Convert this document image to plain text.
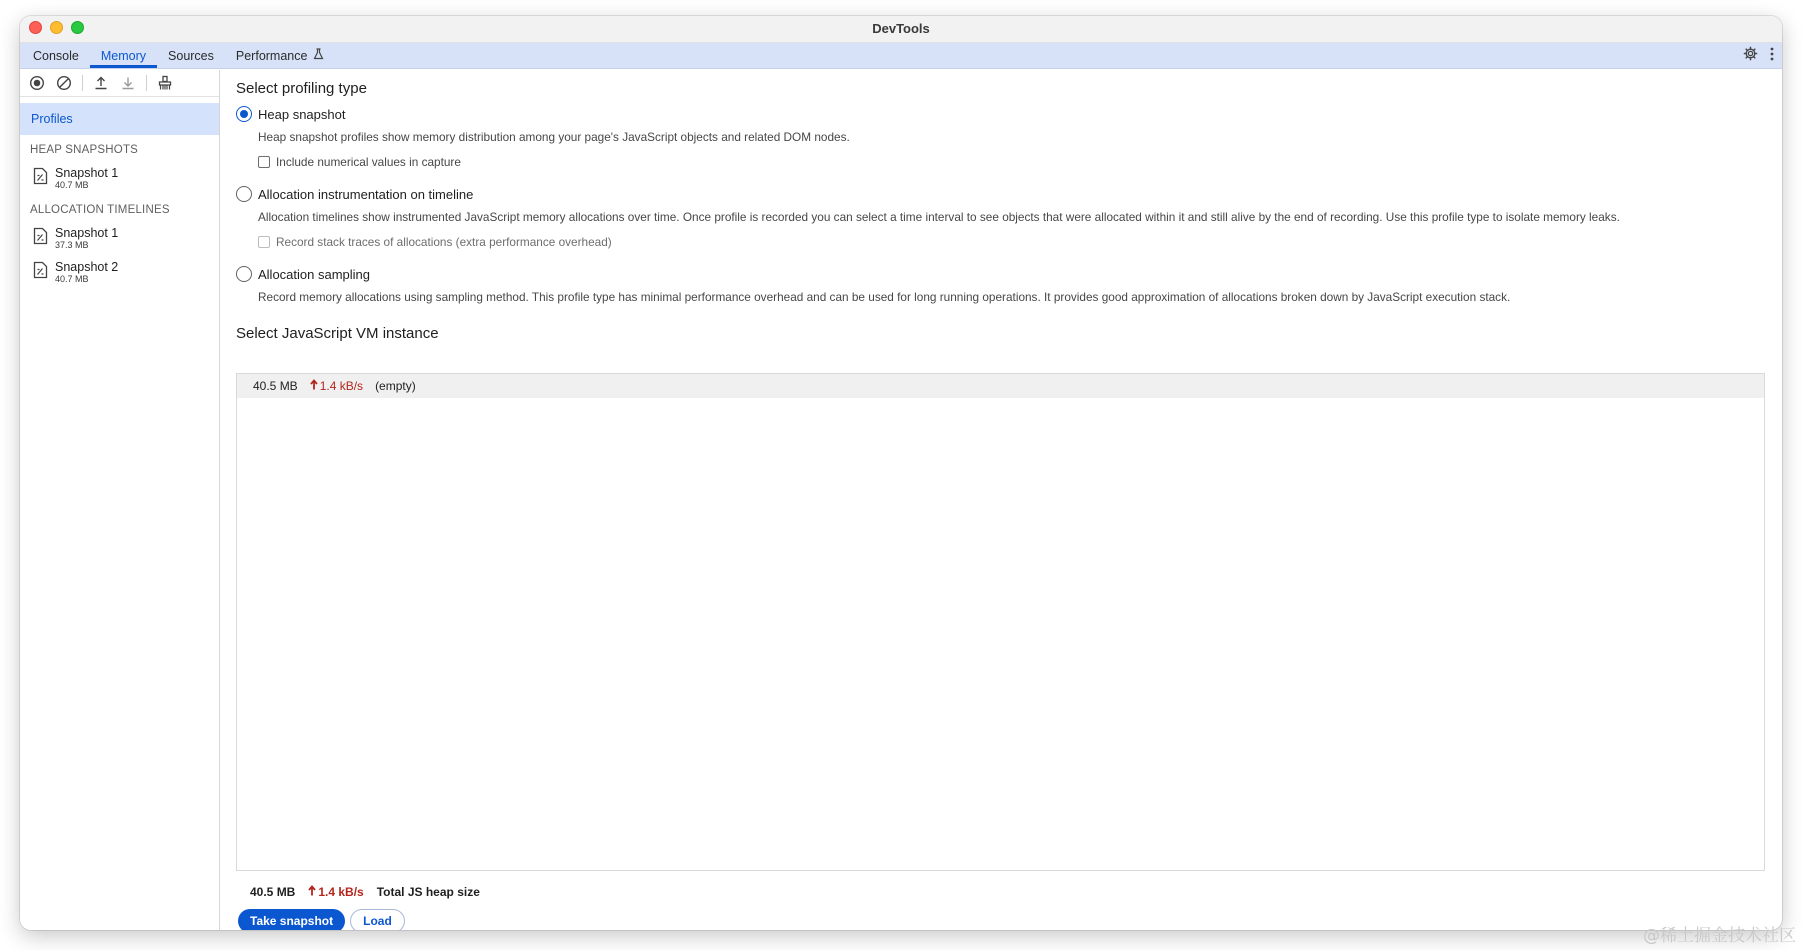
DevTools
Console Memory Sources Performance
Profiles
HEAP SNAPSHOTS
Snapshot 1
40.7 MB
ALLOCATION TIMELINES
Snapshot 1
37.3 MB
Snapshot 2
40.7 MB
Select profiling type
Heap snapshot
Heap snapshot profiles show memory distribution among your page's JavaScript objects and related DOM nodes.
Include numerical values in capture
Allocation instrumentation on timeline
Allocation timelines show instrumented JavaScript memory allocations over time. Once profile is recorded you can select a time interval to see objects that were allocated within it and still alive by the end of recording. Use this profile type to isolate memory leaks.
Record stack traces of allocations (extra performance overhead)
Allocation sampling
Record memory allocations using sampling method. This profile type has minimal performance overhead and can be used for long running operations. It provides good approximation of allocations broken down by JavaScript execution stack.
Select JavaScript VM instance
40.5 MB 1.4 kB/s (empty)
40.5 MB 1.4 kB/s Total JS heap size
Take snapshot	Load
@稀土掘金技术社区
